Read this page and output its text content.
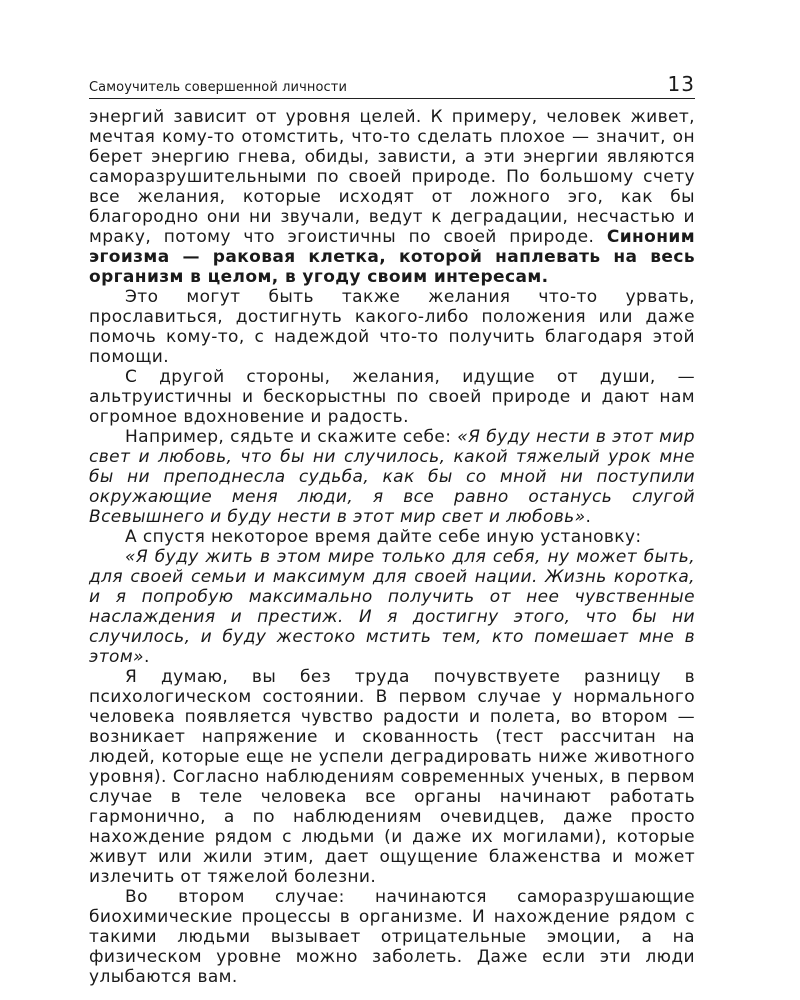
Самоучитель совершенной личности	13

энергий зависит от уровня целей. К примеру, человек живет, мечтая кому-то отомстить, что-то сделать плохое — значит, он берет энергию гнева, обиды, зависти, а эти энергии являются саморазрушительными по своей природе. По большому счету все желания, которые исходят от ложного эго, как бы благородно они ни звучали, ведут к деградации, несчастью и мраку, потому что эгоистичны по своей природе. Синоним эгоизма — раковая клетка, которой наплевать на весь организм в целом, в угоду своим интересам.

Это могут быть также желания что-то урвать, прославиться, достигнуть какого-либо положения или даже помочь кому-то, с надеждой что-то получить благодаря этой помощи.

С другой стороны, желания, идущие от души, — альтруистичны и бескорыстны по своей природе и дают нам огромное вдохновение и радость.

Например, сядьте и скажите себе: «Я буду нести в этот мир свет и любовь, что бы ни случилось, какой тяжелый урок мне бы ни преподнесла судьба, как бы со мной ни поступили окружающие меня люди, я все равно останусь слугой Всевышнего и буду нести в этот мир свет и любовь».

А спустя некоторое время дайте себе иную установку:

«Я буду жить в этом мире только для себя, ну может быть, для своей семьи и максимум для своей нации. Жизнь коротка, и я попробую максимально получить от нее чувственные наслаждения и престиж. И я достигну этого, что бы ни случилось, и буду жестоко мстить тем, кто помешает мне в этом».

Я думаю, вы без труда почувствуете разницу в психологическом состоянии. В первом случае у нормального человека появляется чувство радости и полета, во втором — возникает напряжение и скованность (тест рассчитан на людей, которые еще не успели деградировать ниже животного уровня). Согласно наблюдениям современных ученых, в первом случае в теле человека все органы начинают работать гармонично, а по наблюдениям очевидцев, даже просто нахождение рядом с людьми (и даже их могилами), которые живут или жили этим, дает ощущение блаженства и может излечить от тяжелой болезни.

Во втором случае: начинаются саморазрушающие биохимические процессы в организме. И нахождение рядом с такими людьми вызывает отрицательные эмоции, а на физическом уровне можно заболеть. Даже если эти люди улыбаются вам.
